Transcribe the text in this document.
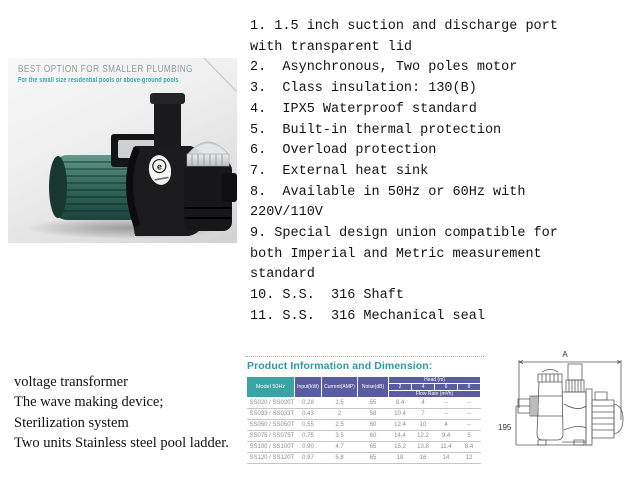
e
BEST OPTION FOR SMALLER PLUMBING
For the small size residential pools or above-ground pools
1. 1.5 inch suction and discharge port
with transparent lid
2.  Asynchronous, Two poles motor
3.  Class insulation: 130(B)
4.  IPX5 Waterproof standard
5.  Built-in thermal protection
6.  Overload protection
7.  External heat sink
8.  Available in 50Hz or 60Hz with
220V/110V
9. Special design union compatible for
both Imperial and Metric measurement
standard
10. S.S.  316 Shaft
11. S.S.  316 Mechanical seal
voltage transformer
The wave making device;
Sterilization system
Two units Stainless steel pool ladder.
Product Information and Dimension:
Model 50Hz	Input(kW)	Current(AMP)	Noise(dB)	Head (m)			
				2	4	6	8
				Flow Rate (m³/h)			
SS020 / SS020T	0.28	1.5	55	8.4	4	--	--
SS033 / SS033T	0.43	2	58	10.4	7	--	--
SS050 / SS050T	0.55	2.5	60	12.4	10	4	--
SS075 / SS075T	0.75	3.5	60	14.4	12.2	9.4	5
SS100 / SS100T	0.90	4.7	65	15.2	13.8	11.4	8.4
SS120 / SS120T	0.97	5.8	65	18	16	14	12
A
195
